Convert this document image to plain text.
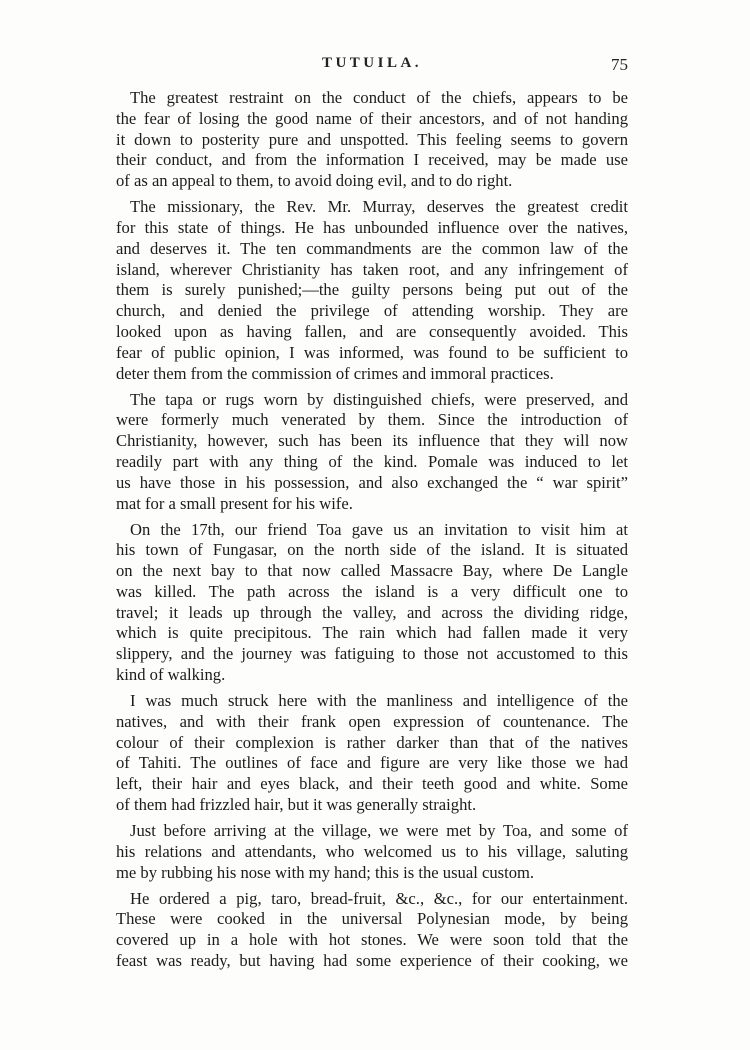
TUTUILA.	75

The greatest restraint on the conduct of the chiefs, appears to be
the fear of losing the good name of their ancestors, and of not handing
it down to posterity pure and unspotted. This feeling seems to govern
their conduct, and from the information I received, may be made use
of as an appeal to them, to avoid doing evil, and to do right.

The missionary, the Rev. Mr. Murray, deserves the greatest credit
for this state of things. He has unbounded influence over the natives,
and deserves it. The ten commandments are the common law of the
island, wherever Christianity has taken root, and any infringement of
them is surely punished;—the guilty persons being put out of the
church, and denied the privilege of attending worship. They are
looked upon as having fallen, and are consequently avoided. This
fear of public opinion, I was informed, was found to be sufficient to
deter them from the commission of crimes and immoral practices.

The tapa or rugs worn by distinguished chiefs, were preserved, and
were formerly much venerated by them. Since the introduction of
Christianity, however, such has been its influence that they will now
readily part with any thing of the kind. Pomale was induced to let
us have those in his possession, and also exchanged the “ war spirit”
mat for a small present for his wife.

On the 17th, our friend Toa gave us an invitation to visit him at
his town of Fungasar, on the north side of the island. It is situated
on the next bay to that now called Massacre Bay, where De Langle
was killed. The path across the island is a very difficult one to
travel; it leads up through the valley, and across the dividing ridge,
which is quite precipitous. The rain which had fallen made it very
slippery, and the journey was fatiguing to those not accustomed to this
kind of walking.

I was much struck here with the manliness and intelligence of the
natives, and with their frank open expression of countenance. The
colour of their complexion is rather darker than that of the natives
of Tahiti. The outlines of face and figure are very like those we had
left, their hair and eyes black, and their teeth good and white. Some
of them had frizzled hair, but it was generally straight.

Just before arriving at the village, we were met by Toa, and some of
his relations and attendants, who welcomed us to his village, saluting
me by rubbing his nose with my hand; this is the usual custom.

He ordered a pig, taro, bread-fruit, &c., &c., for our entertainment.
These were cooked in the universal Polynesian mode, by being
covered up in a hole with hot stones. We were soon told that the
feast was ready, but having had some experience of their cooking, we
